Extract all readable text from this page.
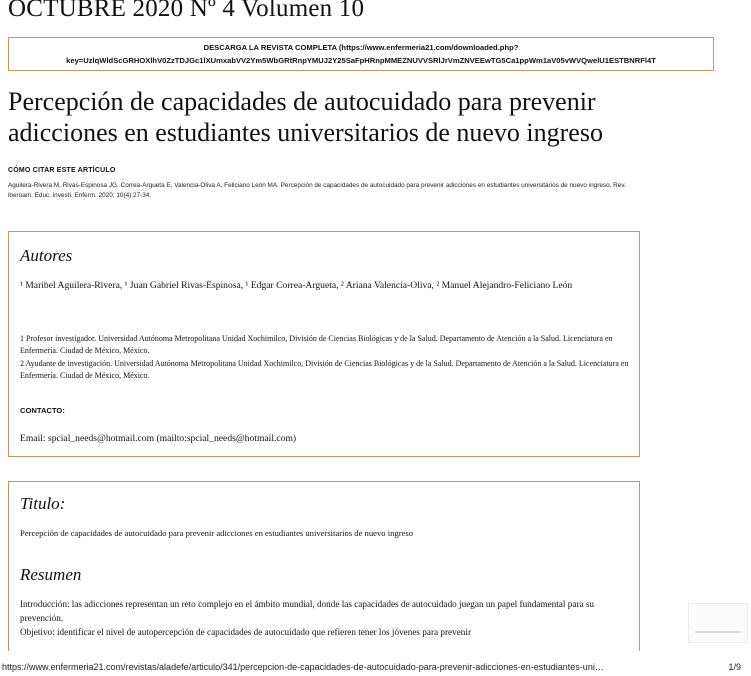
OCTUBRE 2020 Nº 4 Volumen 10
DESCARGA LA REVISTA COMPLETA (https://www.enfermeria21.com/downloaded.php?
key=UzlqWldScGRHOXlhV0ZzTDJGc1lXUmxabVV2Ym5WbGRtRnpYMUJ2Y25SaFpHRnpMMEZNUVVSRlJrVmZNVEEwTG5Ca1ppWm1aV05vWVQwelU1ESTBNRFl4T
Percepción de capacidades de autocuidado para prevenir adicciones en estudiantes universitarios de nuevo ingreso
CÓMO CITAR ESTE ARTÍCULO
Aguilera-Rivera M, Rivas-Espinosa JG, Correa-Argueta E, Valencia-Oliva A, Feliciano León MA. Percepción de capacidades de autocuidado para prevenir adicciones en estudiantes universitarios de nuevo ingreso. Rev. iberoam. Educ. investi. Enferm. 2020; 10(4):27-34.
Autores

¹ Maribel Aguilera-Rivera, ¹ Juan Gabriel Rivas-Espinosa, ¹ Edgar Correa-Argueta, ² Ariana Valencia-Oliva, ² Manuel Alejandro-Feliciano León

1 Profesor investigador. Universidad Autónoma Metropolitana Unidad Xochimilco, División de Ciencias Biológicas y de la Salud. Departamento de Atención a la Salud. Licenciatura en Enfermería. Ciudad de México, México.

2 Ayudante de investigación. Universidad Autónoma Metropolitana Unidad Xochimilco, División de Ciencias Biológicas y de la Salud. Departamento de Atención a la Salud. Licenciatura en Enfermería. Ciudad de México, México.

CONTACTO:

Email: spcial_needs@hotmail.com (mailto:spcial_needs@hotmail.com)

Titulo:

Percepción de capacidades de autocuidado para prevenir adicciones en estudiantes universitarios de nuevo ingreso

Resumen

Introducción: las adicciones representan un reto complejo en el ámbito mundial, donde las capacidades de autocuidado juegan un papel fundamental para su prevención.

Objetivo: identificar el nivel de autopercepción de capacidades de autocuidado que refieren tener los jóvenes para prevenir

https://www.enfermeria21.com/revistas/aladefe/articulo/341/percepcion-de-capacidades-de-autocuidado-para-prevenir-adicciones-en-estudiantes-uni…	1/9
